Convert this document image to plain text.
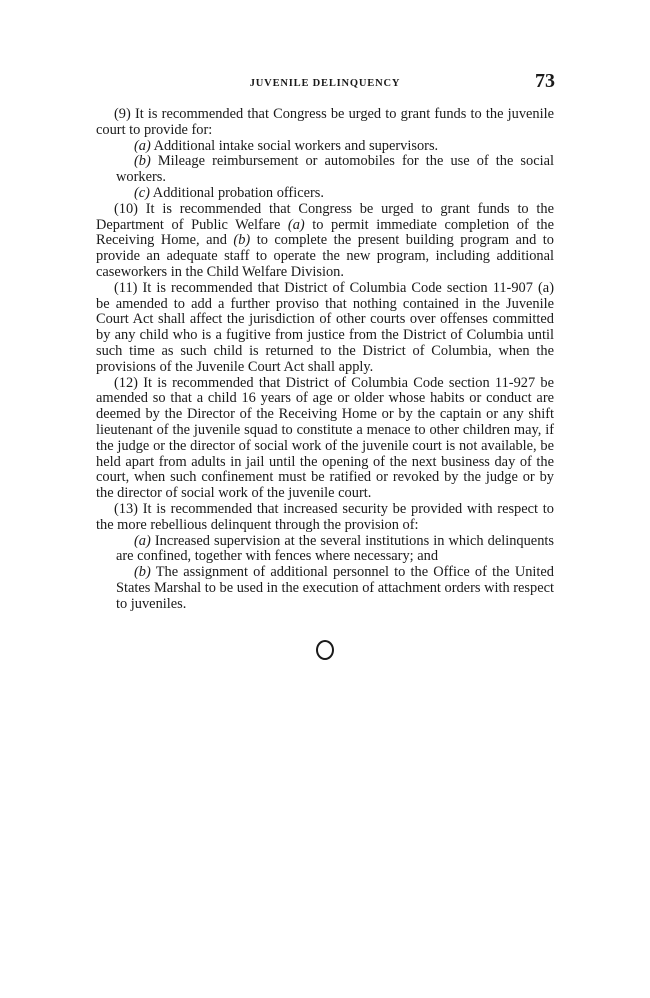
JUVENILE DELINQUENCY	73

(9) It is recommended that Congress be urged to grant funds to the juvenile court to provide for:

(a) Additional intake social workers and supervisors.

(b) Mileage reimbursement or automobiles for the use of the social workers.

(c) Additional probation officers.

(10) It is recommended that Congress be urged to grant funds to the Department of Public Welfare (a) to permit immediate completion of the Receiving Home, and (b) to complete the present building program and to provide an adequate staff to operate the new program, including additional caseworkers in the Child Welfare Division.

(11) It is recommended that District of Columbia Code section 11-907 (a) be amended to add a further proviso that nothing contained in the Juvenile Court Act shall affect the jurisdiction of other courts over offenses committed by any child who is a fugitive from justice from the District of Columbia until such time as such child is returned to the District of Columbia, when the provisions of the Juvenile Court Act shall apply.

(12) It is recommended that District of Columbia Code section 11-927 be amended so that a child 16 years of age or older whose habits or conduct are deemed by the Director of the Receiving Home or by the captain or any shift lieutenant of the juvenile squad to constitute a menace to other children may, if the judge or the director of social work of the juvenile court is not available, be held apart from adults in jail until the opening of the next business day of the court, when such confinement must be ratified or revoked by the judge or by the director of social work of the juvenile court.

(13) It is recommended that increased security be provided with respect to the more rebellious delinquent through the provision of:

(a) Increased supervision at the several institutions in which delinquents are confined, together with fences where necessary; and

(b) The assignment of additional personnel to the Office of the United States Marshal to be used in the execution of attachment orders with respect to juveniles.
